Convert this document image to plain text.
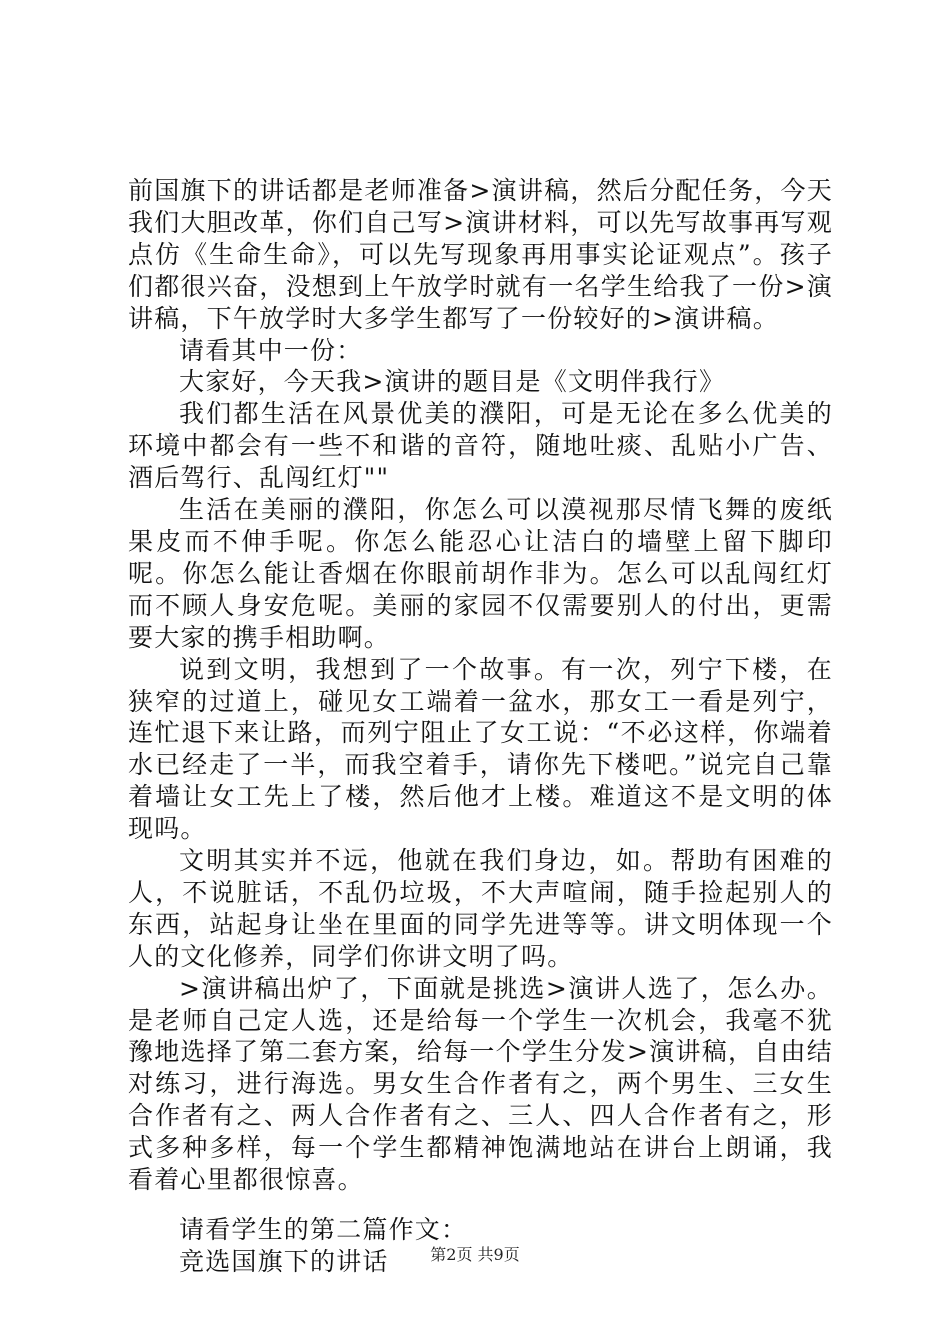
前国旗下的讲话都是老师准备>演讲稿，然后分配任务，今天我们大胆改革，你们自己写>演讲材料，可以先写故事再写观点仿《生命生命》，可以先写现象再用事实论证观点”。孩子们都很兴奋，没想到上午放学时就有一名学生给我了一份>演讲稿，下午放学时大多学生都写了一份较好的>演讲稿。

请看其中一份：

大家好，今天我>演讲的题目是《文明伴我行》

我们都生活在风景优美的濮阳，可是无论在多么优美的环境中都会有一些不和谐的音符，随地吐痰、乱贴小广告、酒后驾行、乱闯红灯""

生活在美丽的濮阳，你怎么可以漠视那尽情飞舞的废纸果皮而不伸手呢。你怎么能忍心让洁白的墙壁上留下脚印呢。你怎么能让香烟在你眼前胡作非为。怎么可以乱闯红灯而不顾人身安危呢。美丽的家园不仅需要别人的付出，更需要大家的携手相助啊。

说到文明，我想到了一个故事。有一次，列宁下楼，在狭窄的过道上，碰见女工端着一盆水，那女工一看是列宁，连忙退下来让路，而列宁阻止了女工说：“不必这样，你端着水已经走了一半，而我空着手，请你先下楼吧。”说完自己靠着墙让女工先上了楼，然后他才上楼。难道这不是文明的体现吗。

文明其实并不远，他就在我们身边，如。帮助有困难的人，不说脏话，不乱仍垃圾，不大声喧闹，随手捡起别人的东西，站起身让坐在里面的同学先进等等。讲文明体现一个人的文化修养，同学们你讲文明了吗。

>演讲稿出炉了，下面就是挑选>演讲人选了，怎么办。是老师自己定人选，还是给每一个学生一次机会，我毫不犹豫地选择了第二套方案，给每一个学生分发>演讲稿，自由结对练习，进行海选。男女生合作者有之，两个男生、三女生合作者有之、两人合作者有之、三人、四人合作者有之，形式多种多样，每一个学生都精神饱满地站在讲台上朗诵，我看着心里都很惊喜。

请看学生的第二篇作文：

竞选国旗下的讲话	第2页 共9页
